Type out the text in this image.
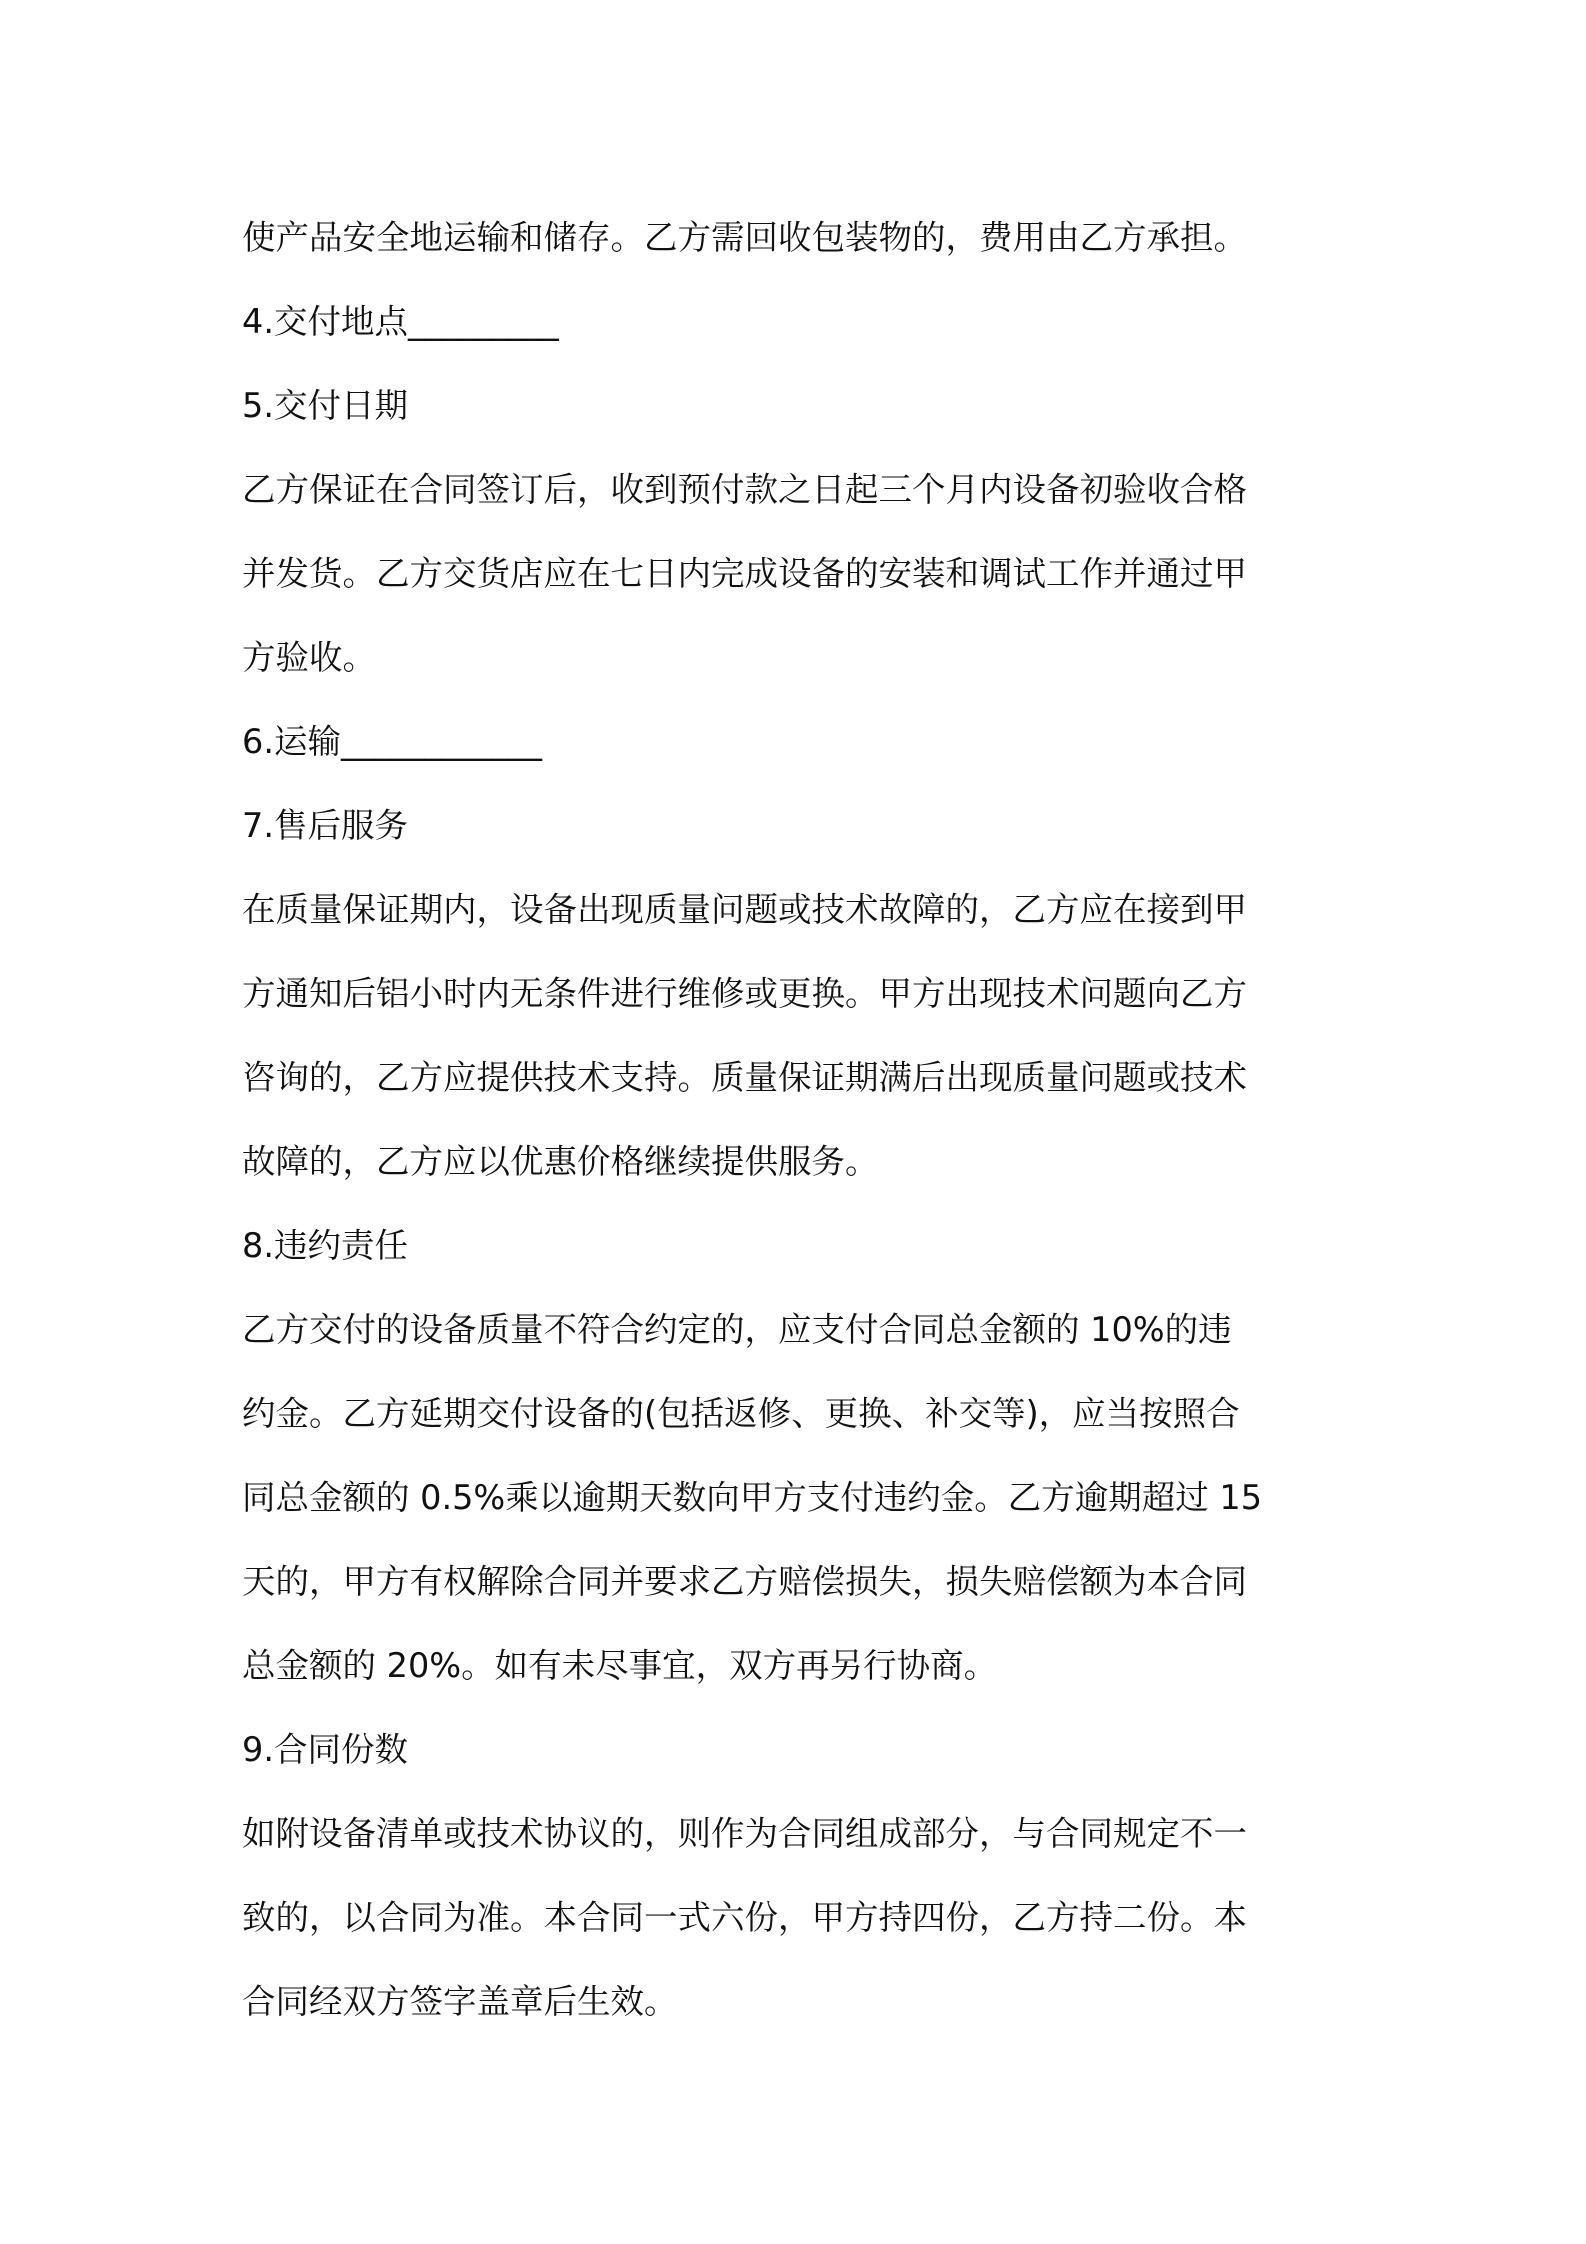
使产品安全地运输和储存。乙方需回收包装物的，费用由乙方承担。

4.交付地点_________

5.交付日期

乙方保证在合同签订后，收到预付款之日起三个月内设备初验收合格

并发货。乙方交货店应在七日内完成设备的安装和调试工作并通过甲

方验收。

6.运输____________

7.售后服务

在质量保证期内，设备出现质量问题或技术故障的，乙方应在接到甲

方通知后铝小时内无条件进行维修或更换。甲方出现技术问题向乙方

咨询的，乙方应提供技术支持。质量保证期满后出现质量问题或技术

故障的，乙方应以优惠价格继续提供服务。

8.违约责任

乙方交付的设备质量不符合约定的，应支付合同总金额的 10%的违

约金。乙方延期交付设备的(包括返修、更换、补交等)，应当按照合

同总金额的 0.5%乘以逾期天数向甲方支付违约金。乙方逾期超过 15

天的，甲方有权解除合同并要求乙方赔偿损失，损失赔偿额为本合同

总金额的 20%。如有未尽事宜，双方再另行协商。

9.合同份数

如附设备清单或技术协议的，则作为合同组成部分，与合同规定不一

致的，以合同为准。本合同一式六份，甲方持四份，乙方持二份。本

合同经双方签字盖章后生效。
